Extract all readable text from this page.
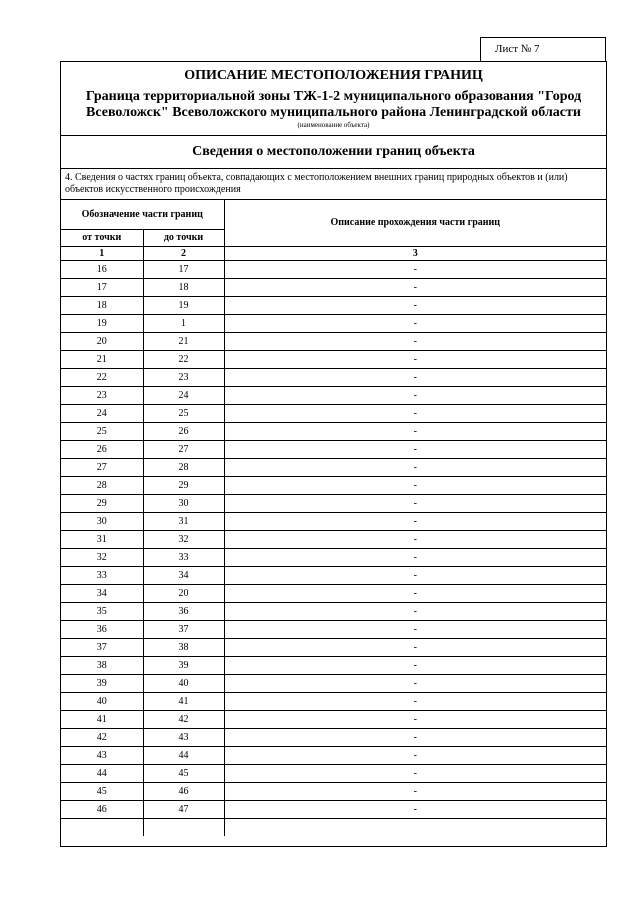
Лист № 7
ОПИСАНИЕ МЕСТОПОЛОЖЕНИЯ ГРАНИЦ
Граница территориальной зоны ТЖ-1-2 муниципального образования "Город
Всеволожск" Всеволожского муниципального района Ленинградской области
(наименование объекта)
Сведения о местоположении границ объекта
4. Сведения о частях границ объекта, совпадающих с местоположением внешних границ природных объектов и (или) объектов искусственного происхождения
Обозначение части границ		Описание прохождения части границ
от точки	до точки	
1	2	3
16	17	-
17	18	-
18	19	-
19	1	-
20	21	-
21	22	-
22	23	-
23	24	-
24	25	-
25	26	-
26	27	-
27	28	-
28	29	-
29	30	-
30	31	-
31	32	-
32	33	-
33	34	-
34	20	-
35	36	-
36	37	-
37	38	-
38	39	-
39	40	-
40	41	-
41	42	-
42	43	-
43	44	-
44	45	-
45	46	-
46	47	-
